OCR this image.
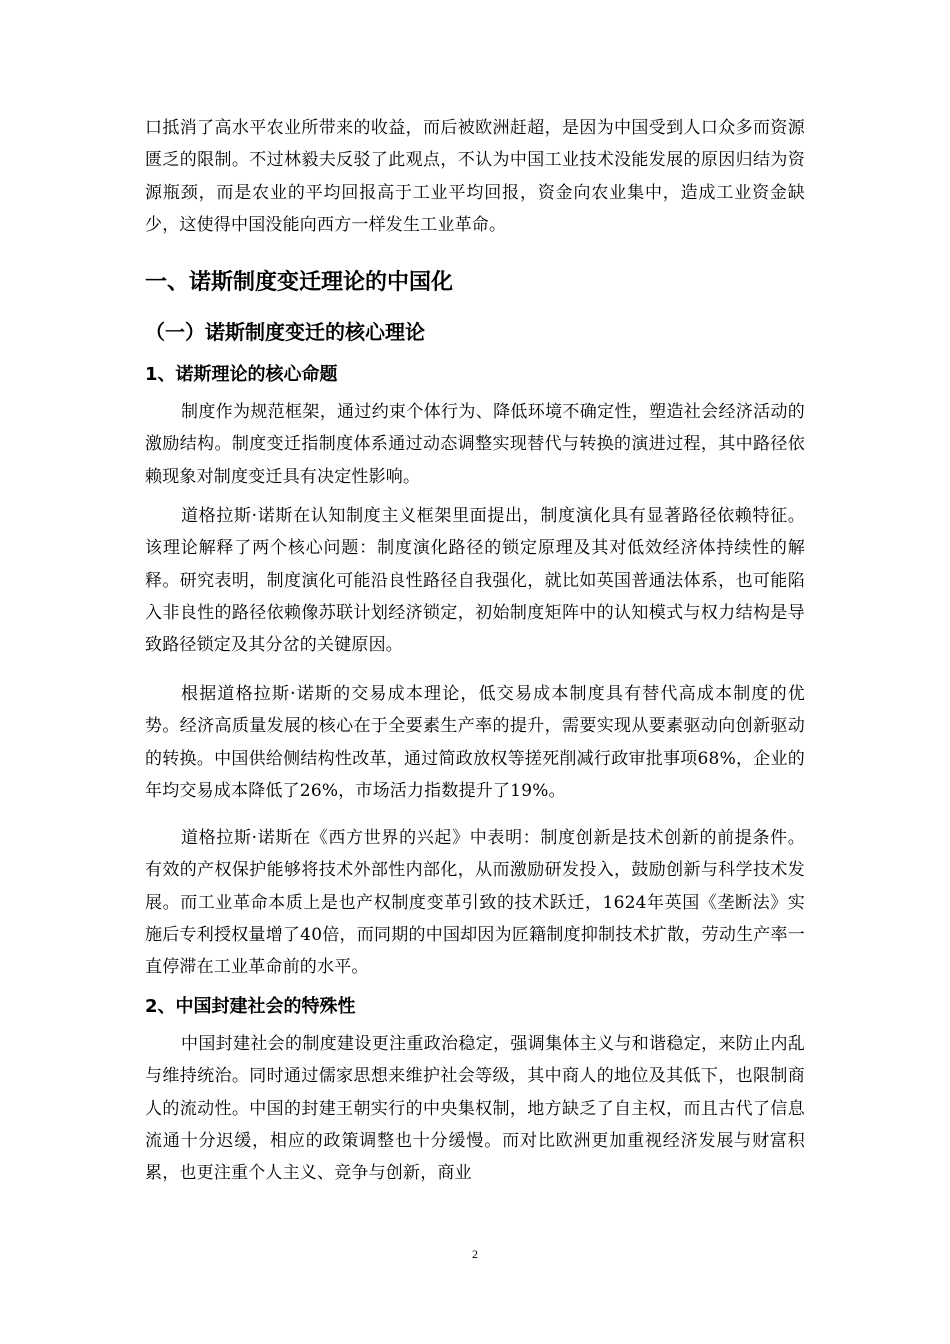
口抵消了高水平农业所带来的收益，而后被欧洲赶超，是因为中国受到人口众多而资源匮乏的限制。不过林毅夫反驳了此观点，不认为中国工业技术没能发展的原因归结为资源瓶颈，而是农业的平均回报高于工业平均回报，资金向农业集中，造成工业资金缺少，这使得中国没能向西方一样发生工业革命。

一、诺斯制度变迁理论的中国化
（一）诺斯制度变迁的核心理论
1、诺斯理论的核心命题

制度作为规范框架，通过约束个体行为、降低环境不确定性，塑造社会经济活动的激励结构。制度变迁指制度体系通过动态调整实现替代与转换的演进过程，其中路径依赖现象对制度变迁具有决定性影响。

道格拉斯·诺斯在认知制度主义框架里面提出，制度演化具有显著路径依赖特征。该理论解释了两个核心问题：制度演化路径的锁定原理及其对低效经济体持续性的解释。研究表明，制度演化可能沿良性路径自我强化，就比如英国普通法体系，也可能陷入非良性的路径依赖像苏联计划经济锁定，初始制度矩阵中的认知模式与权力结构是导致路径锁定及其分岔的关键原因。

根据道格拉斯·诺斯的交易成本理论，低交易成本制度具有替代高成本制度的优势。经济高质量发展的核心在于全要素生产率的提升，需要实现从要素驱动向创新驱动的转换。中国供给侧结构性改革，通过简政放权等搓死削减行政审批事项68%，企业的年均交易成本降低了26%，市场活力指数提升了19%。

道格拉斯·诺斯在《西方世界的兴起》中表明：制度创新是技术创新的前提条件。有效的产权保护能够将技术外部性内部化，从而激励研发投入，鼓励创新与科学技术发展。而工业革命本质上是也产权制度变革引致的技术跃迁，1624年英国《垄断法》实施后专利授权量增了40倍，而同期的中国却因为匠籍制度抑制技术扩散，劳动生产率一直停滞在工业革命前的水平。

2、中国封建社会的特殊性

中国封建社会的制度建设更注重政治稳定，强调集体主义与和谐稳定，来防止内乱与维持统治。同时通过儒家思想来维护社会等级，其中商人的地位及其低下，也限制商人的流动性。中国的封建王朝实行的中央集权制，地方缺乏了自主权，而且古代了信息流通十分迟缓，相应的政策调整也十分缓慢。而对比欧洲更加重视经济发展与财富积累，也更注重个人主义、竞争与创新，商业

2
